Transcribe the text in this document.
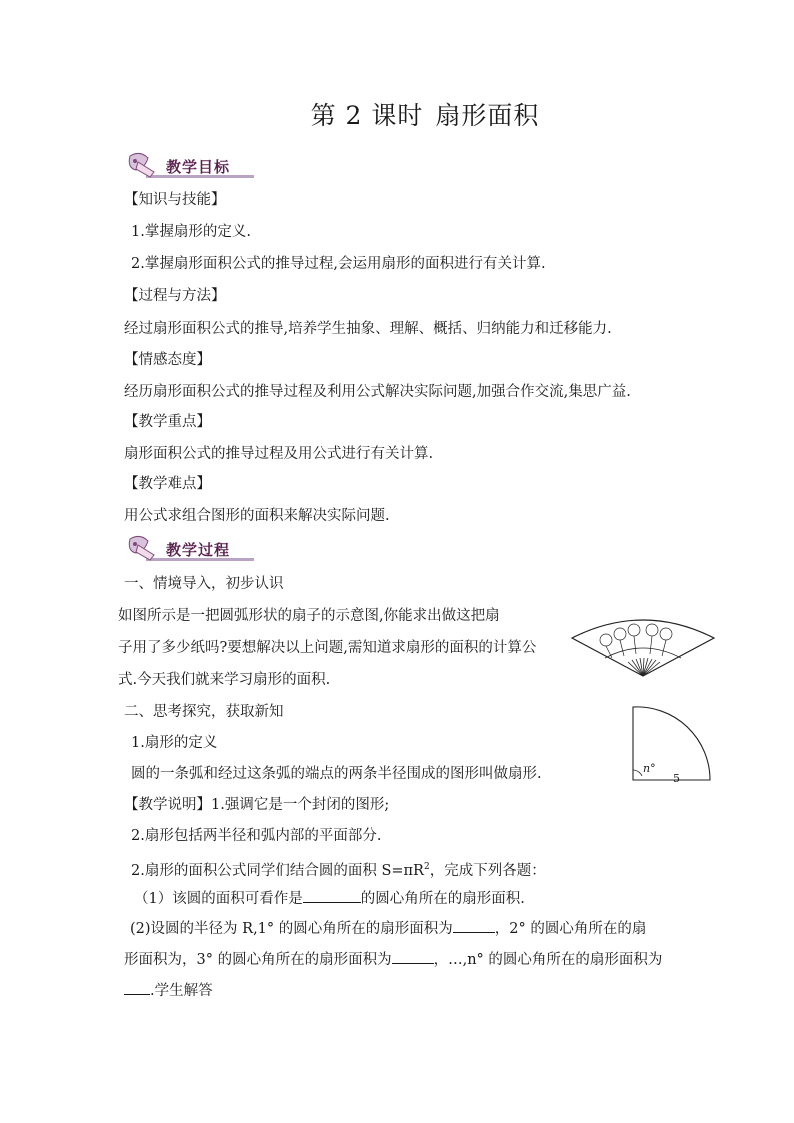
第 2 课时 扇形面积
教学目标
【知识与技能】
1.掌握扇形的定义.
2.掌握扇形面积公式的推导过程,会运用扇形的面积进行有关计算.
【过程与方法】
经过扇形面积公式的推导,培养学生抽象、理解、概括、归纳能力和迁移能力.
【情感态度】
经历扇形面积公式的推导过程及利用公式解决实际问题,加强合作交流,集思广益.
【教学重点】
扇形面积公式的推导过程及用公式进行有关计算.
【教学难点】
用公式求组合图形的面积来解决实际问题.
教学过程
一、情境导入，初步认识
如图所示是一把圆弧形状的扇子的示意图,你能求出做这把扇
子用了多少纸吗?要想解决以上问题,需知道求扇形的面积的计算公
式.今天我们就来学习扇形的面积.
二、思考探究，获取新知
1.扇形的定义
圆的一条弧和经过这条弧的端点的两条半径围成的图形叫做扇形.
【教学说明】1.强调它是一个封闭的图形;
2.扇形包括两半径和弧内部的平面部分.
2.扇形的面积公式同学们结合圆的面积 $S=\pi R^2$，完成下列各题：
（1）该圆的面积可看作是	的圆心角所在的扇形面积.
(2)设圆的半径为 R,1° 的圆心角所在的扇形面积为	，2° 的圆心角所在的扇
形面积为，3° 的圆心角所在的扇形面积为	，…,n° 的圆心角所在的扇形面积为
.学生解答
n°
5
